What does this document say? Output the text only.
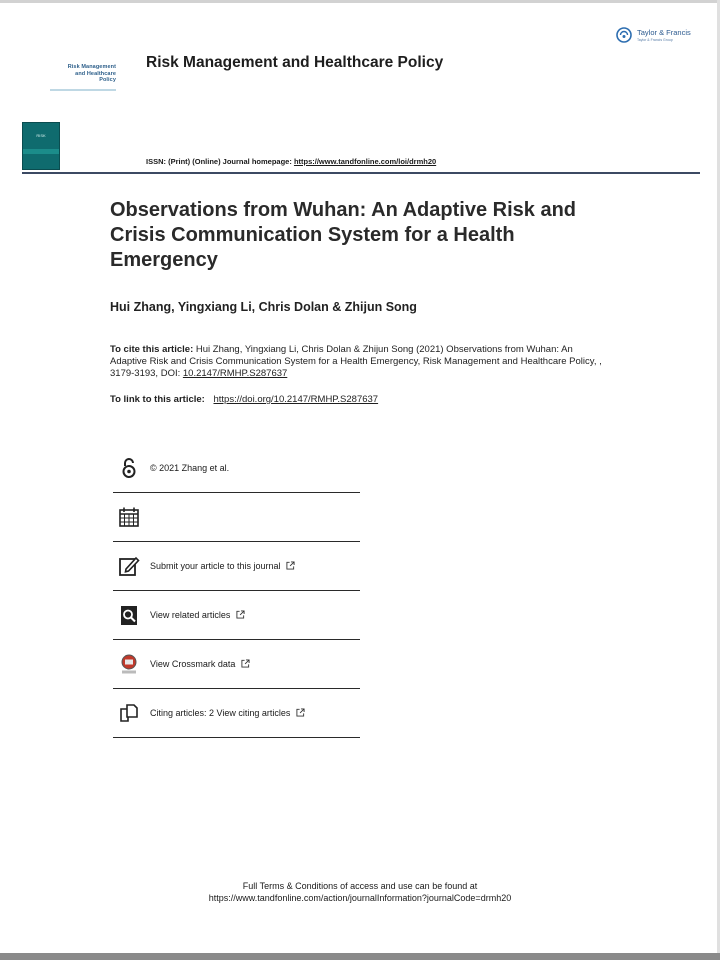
Risk Management
and Healthcare
Policy
RISK
Risk Management and Healthcare Policy
Taylor & Francis
Taylor & Francis Group
ISSN: (Print) (Online) Journal homepage: https://www.tandfonline.com/loi/drmh20
Observations from Wuhan: An Adaptive Risk and Crisis Communication System for a Health Emergency
Hui Zhang, Yingxiang Li, Chris Dolan & Zhijun Song
To cite this article: Hui Zhang, Yingxiang Li, Chris Dolan & Zhijun Song (2021) Observations from Wuhan: An Adaptive Risk and Crisis Communication System for a Health Emergency, Risk Management and Healthcare Policy, , 3179-3193, DOI: 10.2147/RMHP.S287637
To link to this article: https://doi.org/10.2147/RMHP.S287637
© 2021 Zhang et al.
Submit your article to this journal
View related articles
View Crossmark data
Citing articles: 2 View citing articles
Full Terms & Conditions of access and use can be found at
https://www.tandfonline.com/action/journalInformation?journalCode=drmh20
